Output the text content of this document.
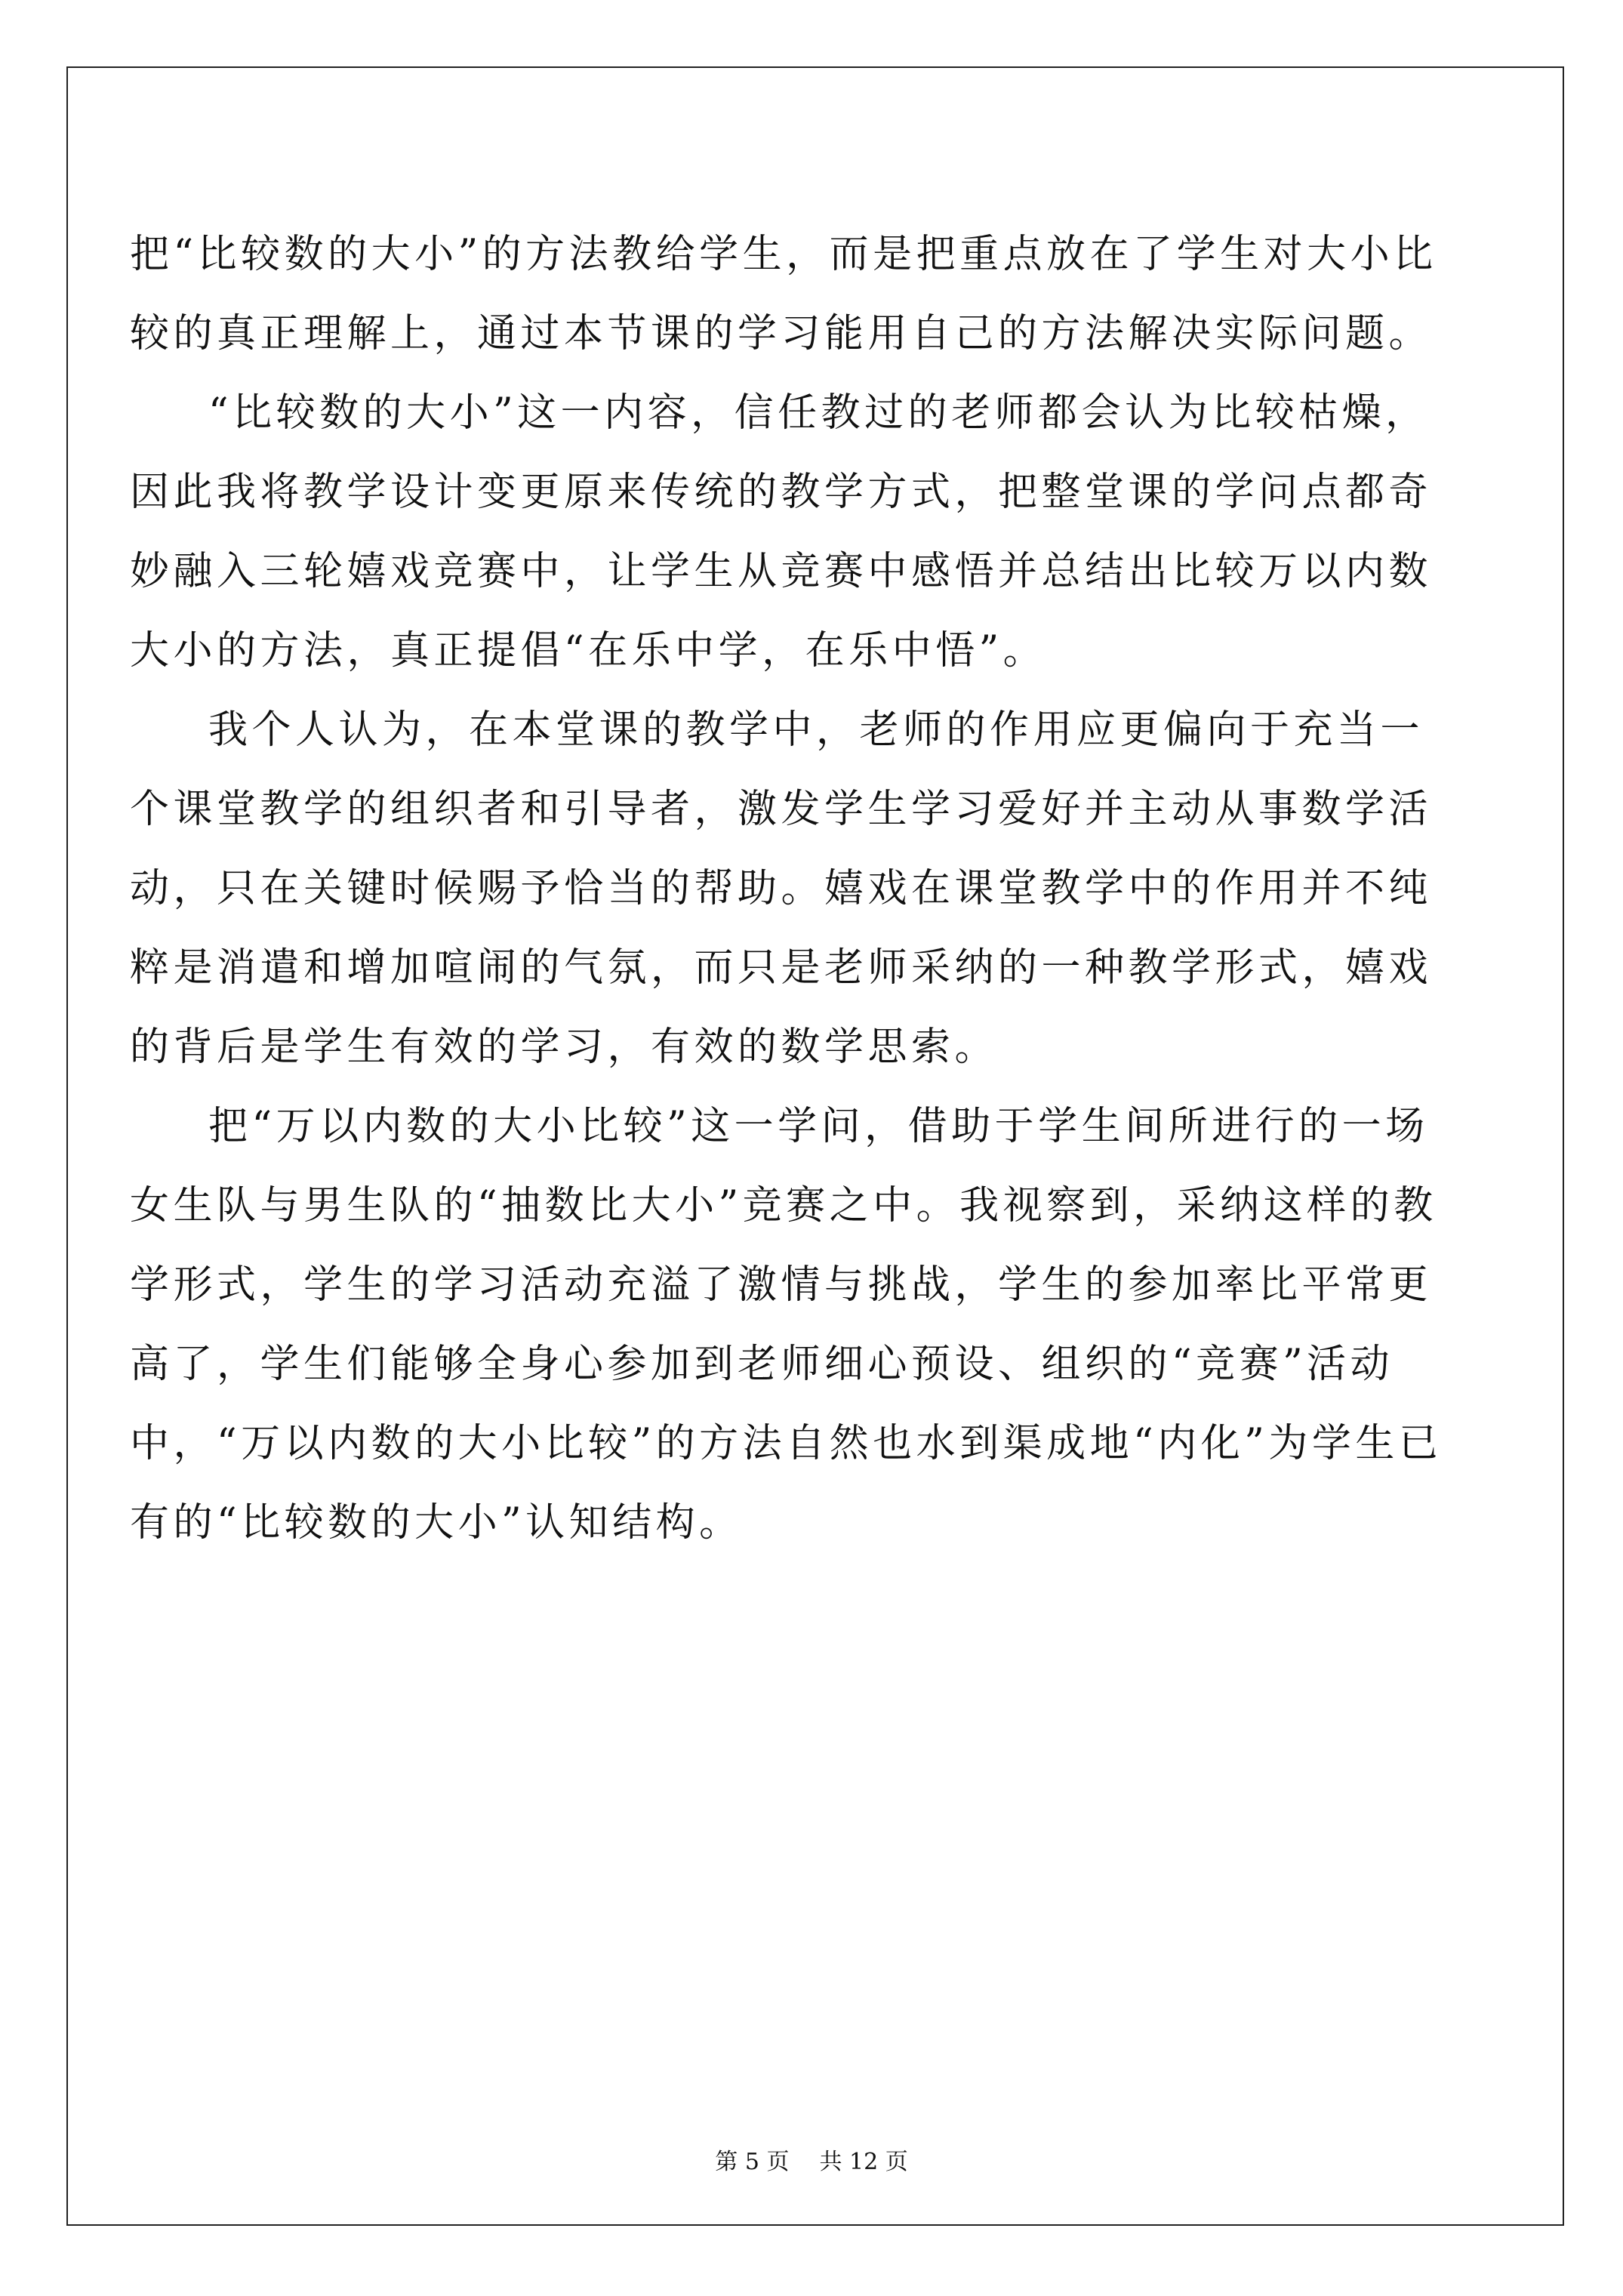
把“比较数的大小”的方法教给学生，而是把重点放在了学生对大小比较的真正理解上，通过本节课的学习能用自己的方法解决实际问题。

“比较数的大小”这一内容，信任教过的老师都会认为比较枯燥，因此我将教学设计变更原来传统的教学方式，把整堂课的学问点都奇妙融入三轮嬉戏竞赛中，让学生从竞赛中感悟并总结出比较万以内数大小的方法，真正提倡“在乐中学，在乐中悟”。

我个人认为，在本堂课的教学中，老师的作用应更偏向于充当一个课堂教学的组织者和引导者，激发学生学习爱好并主动从事数学活动，只在关键时候赐予恰当的帮助。嬉戏在课堂教学中的作用并不纯粹是消遣和增加喧闹的气氛，而只是老师采纳的一种教学形式，嬉戏的背后是学生有效的学习，有效的数学思索。

把“万以内数的大小比较”这一学问，借助于学生间所进行的一场女生队与男生队的“抽数比大小”竞赛之中。我视察到，采纳这样的教学形式，学生的学习活动充溢了激情与挑战，学生的参加率比平常更高了，学生们能够全身心参加到老师细心预设、组织的“竞赛”活动中，“万以内数的大小比较”的方法自然也水到渠成地“内化”为学生已有的“比较数的大小”认知结构。

第 5 页 共 12 页
